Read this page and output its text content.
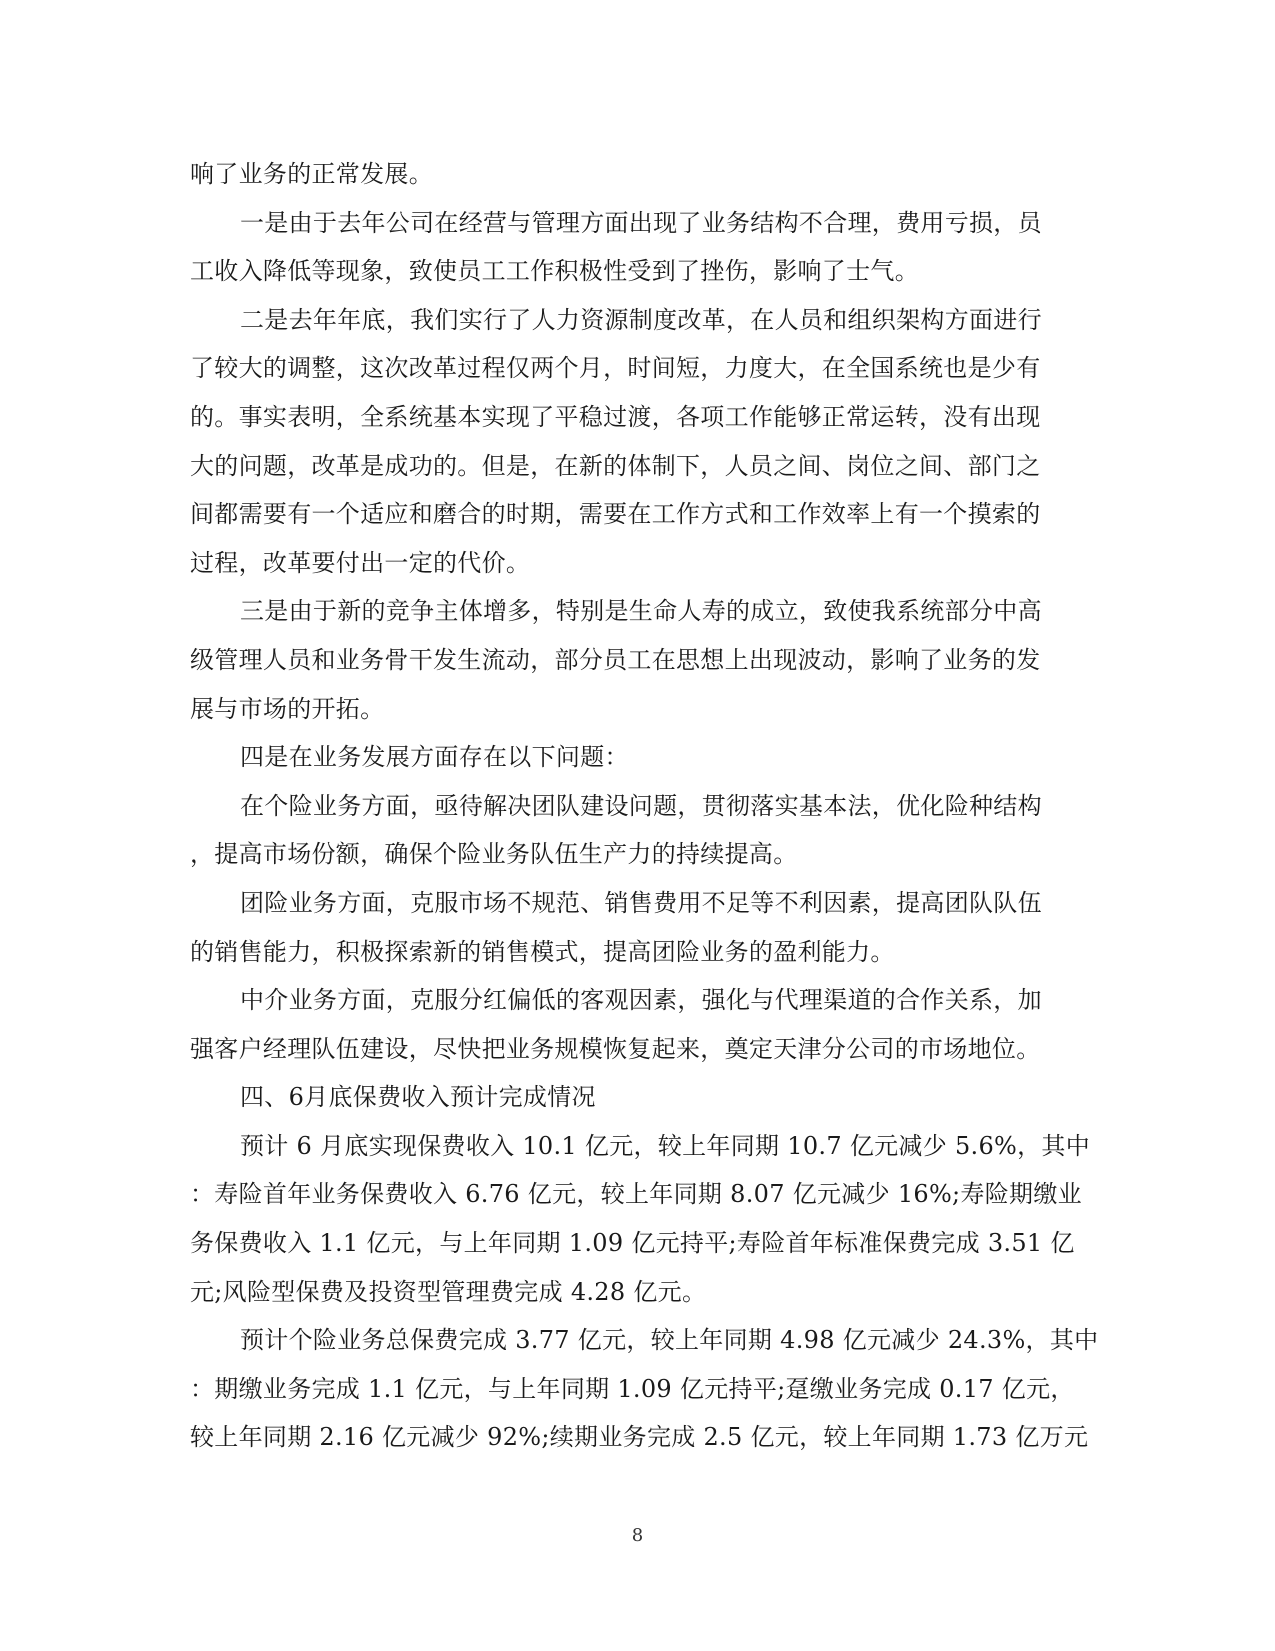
响了业务的正常发展。
一是由于去年公司在经营与管理方面出现了业务结构不合理，费用亏损，员
工收入降低等现象，致使员工工作积极性受到了挫伤，影响了士气。
二是去年年底，我们实行了人力资源制度改革，在人员和组织架构方面进行
了较大的调整，这次改革过程仅两个月，时间短，力度大，在全国系统也是少有
的。事实表明，全系统基本实现了平稳过渡，各项工作能够正常运转，没有出现
大的问题，改革是成功的。但是，在新的体制下，人员之间、岗位之间、部门之
间都需要有一个适应和磨合的时期，需要在工作方式和工作效率上有一个摸索的
过程，改革要付出一定的代价。
三是由于新的竞争主体增多，特别是生命人寿的成立，致使我系统部分中高
级管理人员和业务骨干发生流动，部分员工在思想上出现波动，影响了业务的发
展与市场的开拓。
四是在业务发展方面存在以下问题：
在个险业务方面，亟待解决团队建设问题，贯彻落实基本法，优化险种结构
，提高市场份额，确保个险业务队伍生产力的持续提高。
团险业务方面，克服市场不规范、销售费用不足等不利因素，提高团队队伍
的销售能力，积极探索新的销售模式，提高团险业务的盈利能力。
中介业务方面，克服分红偏低的客观因素，强化与代理渠道的合作关系，加
强客户经理队伍建设，尽快把业务规模恢复起来，奠定天津分公司的市场地位。
四、6月底保费收入预计完成情况
预计 6 月底实现保费收入 10.1 亿元，较上年同期 10.7 亿元减少 5.6%，其中
：寿险首年业务保费收入 6.76 亿元，较上年同期 8.07 亿元减少 16%;寿险期缴业
务保费收入 1.1 亿元，与上年同期 1.09 亿元持平;寿险首年标准保费完成 3.51 亿
元;风险型保费及投资型管理费完成 4.28 亿元。
预计个险业务总保费完成 3.77 亿元，较上年同期 4.98 亿元减少 24.3%，其中
：期缴业务完成 1.1 亿元，与上年同期 1.09 亿元持平;趸缴业务完成 0.17 亿元，
较上年同期 2.16 亿元减少 92%;续期业务完成 2.5 亿元，较上年同期 1.73 亿万元
8
